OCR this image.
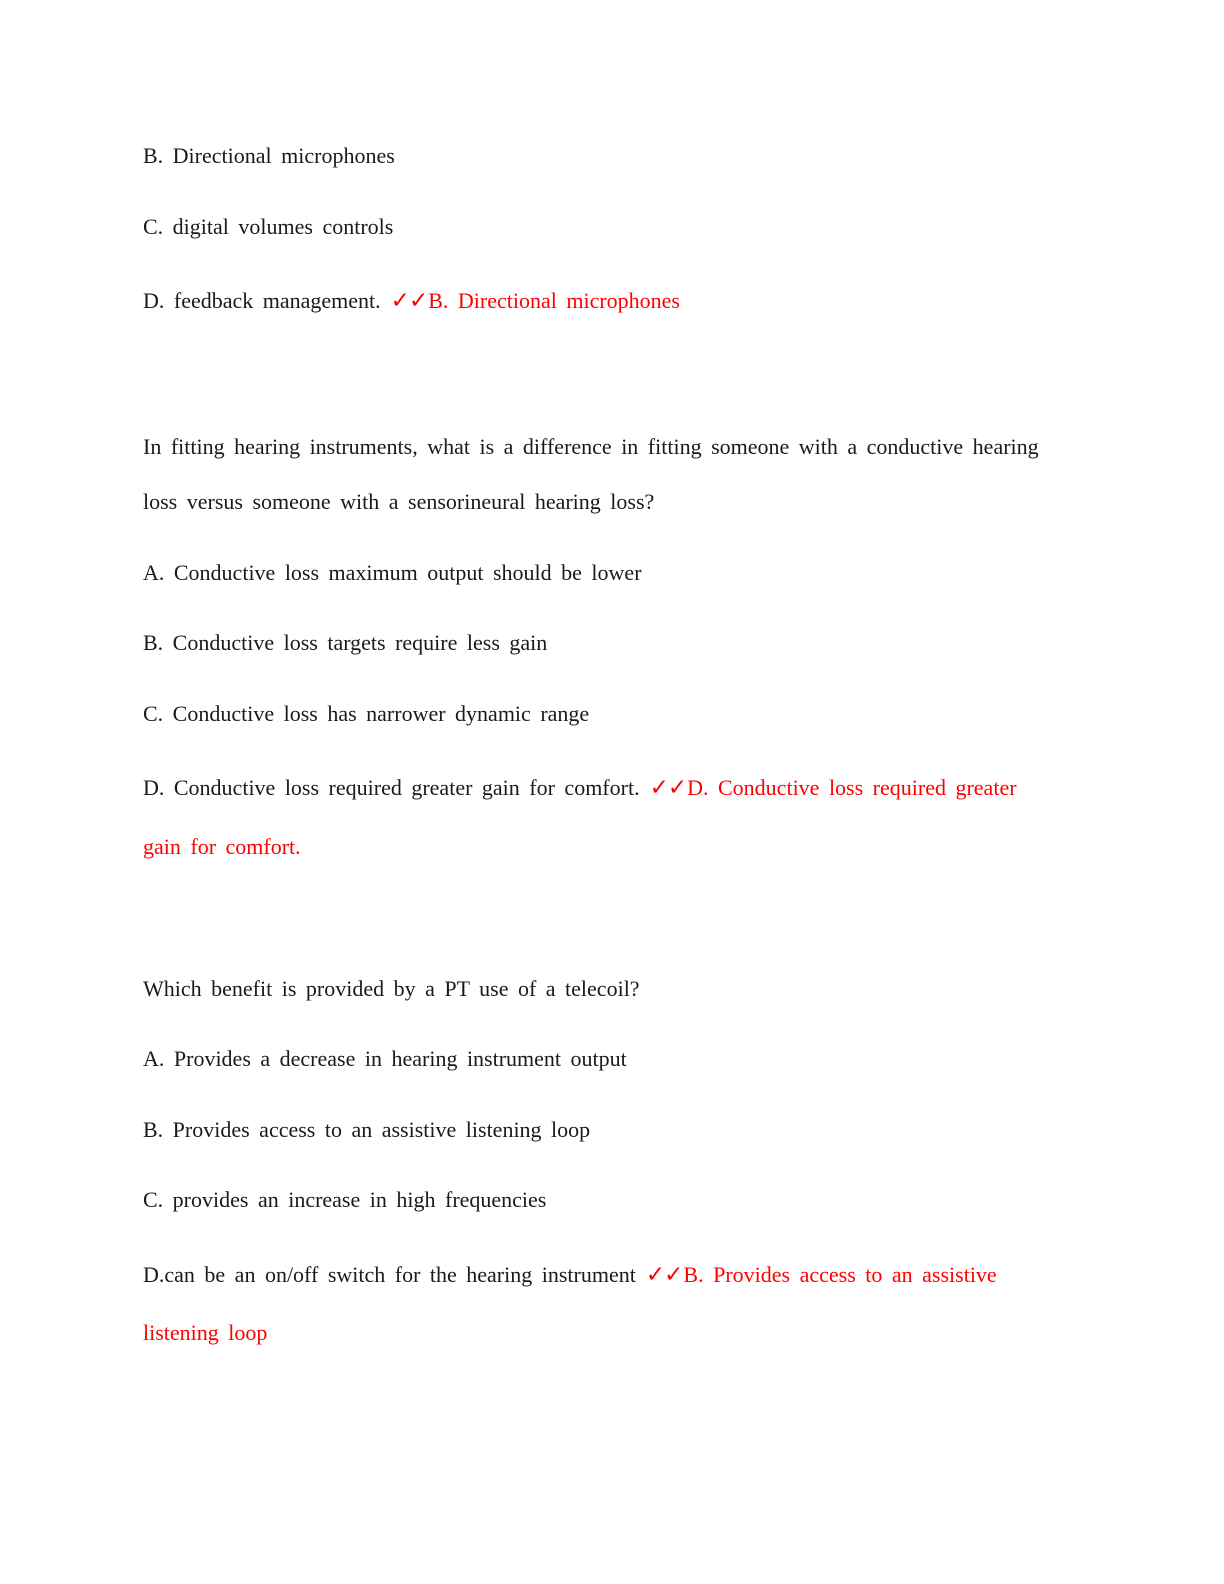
B. Directional microphones
C. digital volumes controls
D. feedback management. ✓✓B. Directional microphones
In fitting hearing instruments, what is a difference in fitting someone with a conductive hearing
loss versus someone with a sensorineural hearing loss?
A. Conductive loss maximum output should be lower
B. Conductive loss targets require less gain
C. Conductive loss has narrower dynamic range
D. Conductive loss required greater gain for comfort. ✓✓D. Conductive loss required greater
gain for comfort.
Which benefit is provided by a PT use of a telecoil?
A. Provides a decrease in hearing instrument output
B. Provides access to an assistive listening loop
C. provides an increase in high frequencies
D.can be an on/off switch for the hearing instrument ✓✓B. Provides access to an assistive
listening loop
